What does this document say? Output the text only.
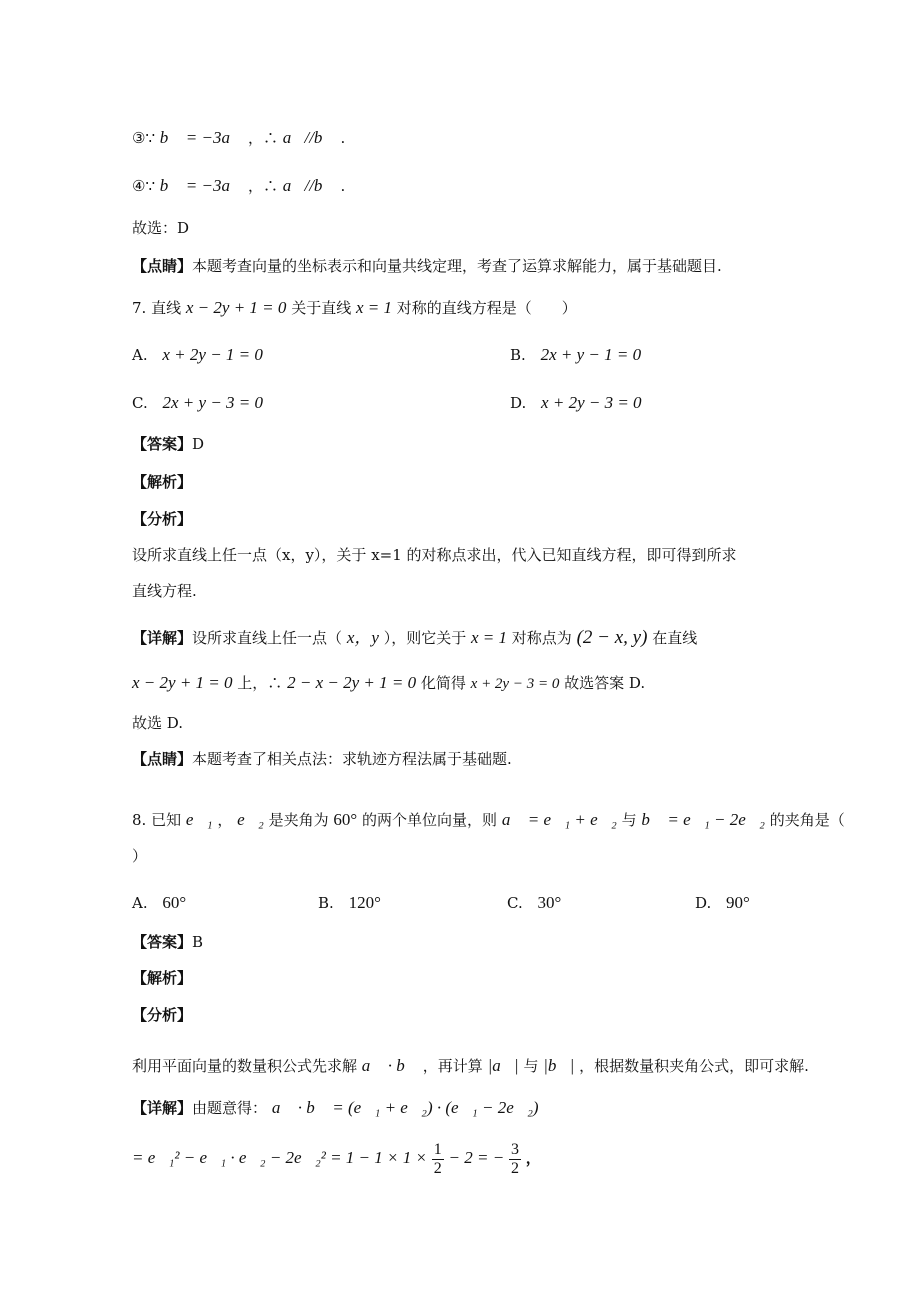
③∵ b⃗ = −3a⃗ ，∴ a⃗//b⃗ .
④∵ b⃗ = −3a⃗ ，∴ a⃗//b⃗ .
故选：D
【点睛】本题考查向量的坐标表示和向量共线定理，考查了运算求解能力，属于基础题目.
7. 直线 x − 2y + 1 = 0 关于直线 x = 1 对称的直线方程是（　　）
A. x + 2y − 1 = 0	B. 2x + y − 1 = 0
C. 2x + y − 3 = 0	D. x + 2y − 3 = 0
【答案】D
【解析】
【分析】
设所求直线上任一点（x，y），关于 x=1 的对称点求出，代入已知直线方程，即可得到所求
直线方程.
【详解】设所求直线上任一点（ x，y ），则它关于 x = 1 对称点为 (2 − x, y) 在直线
x − 2y + 1 = 0 上，∴ 2 − x − 2y + 1 = 0 化简得 x + 2y − 3 = 0 故选答案 D.
故选 D.
【点睛】本题考查了相关点法：求轨迹方程法属于基础题.
8. 已知 e⃗₁ ， e⃗₂ 是夹角为 60° 的两个单位向量，则 a⃗ = e⃗₁ + e⃗₂ 与 b⃗ = e⃗₁ − 2e⃗₂ 的夹角是（
）
A. 60°	B. 120°	C. 30°	D. 90°
【答案】B
【解析】
【分析】
利用平面向量的数量积公式先求解 a⃗ · b⃗ ，再计算 |a⃗| 与 |b⃗| ，根据数量积夹角公式，即可求解.
【详解】由题意得： a⃗ · b⃗ = (e⃗₁ + e⃗₂) · (e⃗₁ − 2e⃗₂)
= e⃗₁² − e⃗₁ · e⃗₂ − 2e⃗₂² = $1 - 1 \times 1 \times \frac{1}{2} - 2$ = − $\frac{3}{2}$ ，
